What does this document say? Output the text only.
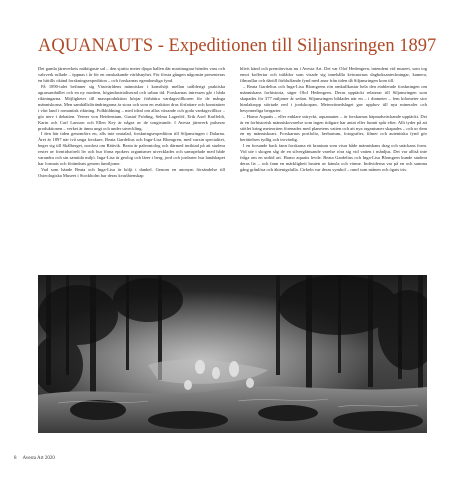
AQUANAUTS - Expeditionen till Siljansringen 1897

Det gamla järnverkets mäktigaste sal – den sjuttio meter djupa hallen där martinugnar höndes vass och valsverk rullade – öppnas i år för en omskakande världsnyhet. För första gången någonsin presenteras en hittills okänd forskningsexpedition – och forskarnas egendomliga fynd.

På 1890-talet befinner sig Västvärldens människor i konsthöjt mellan urålderigt praktiska agrarsamhället och en ny modern, högindustrialiserad och urban tid. Forskarnas intressen går i båda riktningarna. Möjligheter till massproduktion börjar förbättra vardagsvillkoren för de många människorna. Men samhällsförändringarna är stora och som en reaktion dras författare och konstnärer i vårt land i romantisk riktning. Folkbildning – med ideal om allas växande och goda vardagsvillkor – gör nerv i debatten. Verner von Heidenstam, Gustaf Fröding, Selma Lagerlöf, Erik Axel Karlfeldt, Karin och Carl Larsson och Ellen Key är några av de tongivande. I Avesta järnverk pulserar produktionen – verket är ännu ungt och under utveckling.

I den här tiden genomförs en, alls inte omtalad, forskningsexpedition till Siljansringen i Dalarna. Året är 1897 när två unga forskare, Beata Gardelius och Inga-Lisa Blomgren, med varsin specialitet, beger sig till Skålberget, nordost om Rättvik. Beata är paleontolog och därmed inriktad på att studera rester av forntidsrörelt liv och hur förna epokers organismer utvecklades och samspelade med både varandra och sin samtida miljö. Inga-Lisa är geolog och lärer i berg, jord och jordarter hur landskapet har formats och förändrats genom årmiljoner.

Vad som hände Beata och Inga-Lisa är höljt i dunkel. Genom en anonym försändelse till Osteologiska Museet i Stockholm har deras kvarlåtenskap

blivit känd och premiärvisas nu i Avesta Art. Det var Olof Hedengren, intendent vid museet, som tog emot koffertar och trälådor som visade sig innehålla kvinnornas dagboksanteckningar, kamera, filmrullar och därtill förbluffande fynd med anor från tiden då Siljansringen kom till.

– Beata Gardelius och Inga-Lisa Blomgrens rön omkullkastar hela den etablerade forskningen om människans forhistoria, säger Olof Hedengren. Deras upptäckt relaterar till Siljansringen som skapades för 377 miljoner år sedan. Siljansringen bildades när en – i diameter – fem kilometer stor himlakropp störtade ned i jordskorpan. Meteoritnedslaget gav upphov till nya mineraler och besynnerliga bergarter.

– Homo Aquatis – eller enklare uttryckt, aquanauter – är forskarnas häpnadsväckande upptäckt. Det är en forhistorisk människovarelse som ingen tidigare har antat eller funnit spår efter. Allt tyder på att stötlet kring meteoriten förenades med planetens vatten och att nya organismer skapades – och ur dem en ny människoart. Forskarnas portfolio, herbarium, fotografier, filmer och autentiska fynd gör berättelsen tydlig och trovärdig.

I en forsande back fann forskarna ett kranium som visar både människans drag och snäckans form. Vid ute i skogen såg de en silverglänsande varelse röra sig vid vatten i månljus. Det var alltså inte fråga om en utdöd art. Homo aquatis levde. Beata Gardelius och Inga-Lisa Blomgren kunde studera deras liv – och fann en märkligheit bruten av känsla och värme. Individerna var på en och samma gång grånlösa och äktenigsfulla. Cirkeln var deras symbol – rund som månen och ögats iris.

8 Avesta Art 2020
